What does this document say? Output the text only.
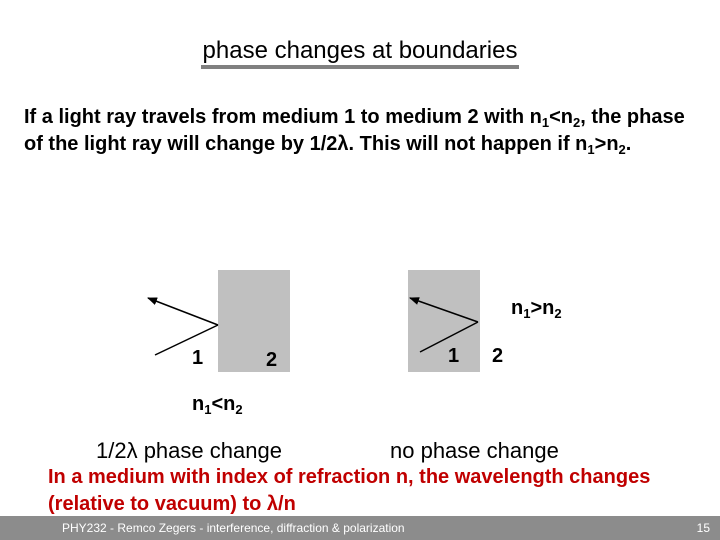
phase changes at boundaries
If a light ray travels from medium 1 to medium 2 with $n_1<n_2$, the phase of the light ray will change by 1/2λ. This will not happen if $n_1>n_2$.
1	2
$n_1<n_2$
1/2λ phase change
1 2
$n_1>n_2$
no phase change
In a medium with index of refraction n, the wavelength changes (relative to vacuum) to λ/n
PHY232 - Remco Zegers - interference, diffraction & polarization	15
